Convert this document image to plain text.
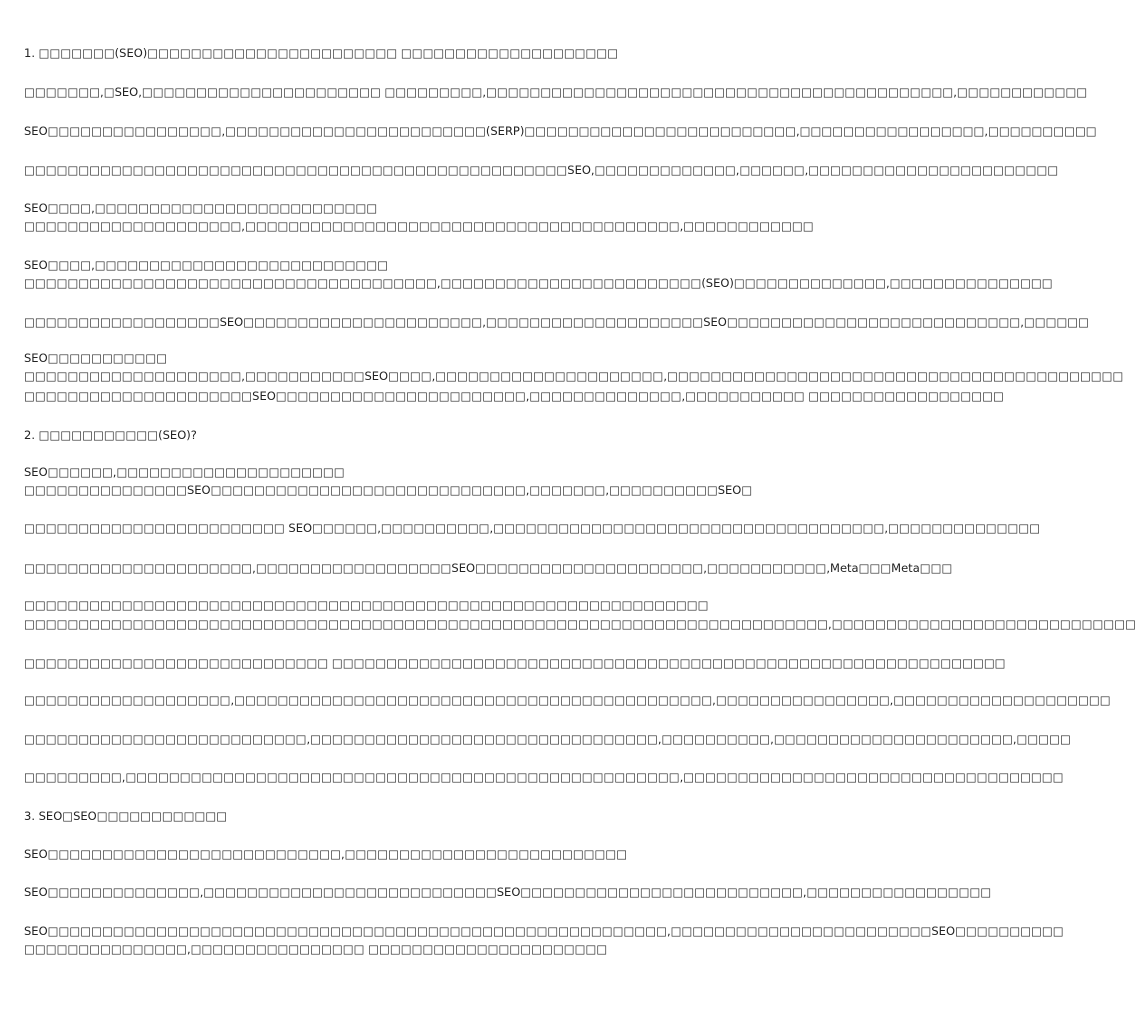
1. □□□□□□□(SEO)□□□□□□□□□□□□□□□□□□□□□□□ □□□□□□□□□□□□□□□□□□□□
□□□□□□□,□SEO,□□□□□□□□□□□□□□□□□□□□□□ □□□□□□□□□,□□□□□□□□□□□□□□□□□□□□□□□□□□□□□□□□□□□□□□□□□□□,□□□□□□□□□□□□
SEO□□□□□□□□□□□□□□□□,□□□□□□□□□□□□□□□□□□□□□□□□(SERP)□□□□□□□□□□□□□□□□□□□□□□□□□,□□□□□□□□□□□□□□□□□,□□□□□□□□□□
□□□□□□□□□□□□□□□□□□□□□□□□□□□□□□□□□□□□□□□□□□□□□□□□□□SEO,□□□□□□□□□□□□□,□□□□□□,□□□□□□□□□□□□□□□□□□□□□□□
SEO□□□□,□□□□□□□□□□□□□□□□□□□□□□□□□□
□□□□□□□□□□□□□□□□□□□□,□□□□□□□□□□□□□□□□□□□□□□□□□□□□□□□□□□□□□□□□,□□□□□□□□□□□□
SEO□□□□,□□□□□□□□□□□□□□□□□□□□□□□□□□□
□□□□□□□□□□□□□□□□□□□□□□□□□□□□□□□□□□□□□□,□□□□□□□□□□□□□□□□□□□□□□□□(SEO)□□□□□□□□□□□□□□,□□□□□□□□□□□□□□□
□□□□□□□□□□□□□□□□□□SEO□□□□□□□□□□□□□□□□□□□□□□,□□□□□□□□□□□□□□□□□□□□SEO□□□□□□□□□□□□□□□□□□□□□□□□□□□,□□□□□□
SEO□□□□□□□□□□□
□□□□□□□□□□□□□□□□□□□□,□□□□□□□□□□□SEO□□□□,□□□□□□□□□□□□□□□□□□□□□,□□□□□□□□□□□□□□□□□□□□□□□□□□□□□□□□□□□□□□□□□□
□□□□□□□□□□□□□□□□□□□□□SEO□□□□□□□□□□□□□□□□□□□□□□□,□□□□□□□□□□□□□□,□□□□□□□□□□□ □□□□□□□□□□□□□□□□□□
2. □□□□□□□□□□□(SEO)?
SEO□□□□□□,□□□□□□□□□□□□□□□□□□□□□
□□□□□□□□□□□□□□□SEO□□□□□□□□□□□□□□□□□□□□□□□□□□□□□,□□□□□□□,□□□□□□□□□□SEO□
□□□□□□□□□□□□□□□□□□□□□□□□ SEO□□□□□□,□□□□□□□□□□,□□□□□□□□□□□□□□□□□□□□□□□□□□□□□□□□□□□□,□□□□□□□□□□□□□□
□□□□□□□□□□□□□□□□□□□□□,□□□□□□□□□□□□□□□□□□SEO□□□□□□□□□□□□□□□□□□□□□,□□□□□□□□□□□,Meta□□□Meta□□□
□□□□□□□□□□□□□□□□□□□□□□□□□□□□□□□□□□□□□□□□□□□□□□□□□□□□□□□□□□□□□□□
□□□□□□□□□□□□□□□□□□□□□□□□□□□□□□□□□□□□□□□□□□□□□□□□□□□□□□□□□□□□□□□□□□□□□□□□□□,□□□□□□□□□□□□□□□□□□□□□□□□□□□□
□□□□□□□□□□□□□□□□□□□□□□□□□□□□ □□□□□□□□□□□□□□□□□□□□□□□□□□□□□□□□□□□□□□□□□□□□□□□□□□□□□□□□□□□□□□
□□□□□□□□□□□□□□□□□□□,□□□□□□□□□□□□□□□□□□□□□□□□□□□□□□□□□□□□□□□□□□□□,□□□□□□□□□□□□□□□□,□□□□□□□□□□□□□□□□□□□□
□□□□□□□□□□□□□□□□□□□□□□□□□□,□□□□□□□□□□□□□□□□□□□□□□□□□□□□□□□□,□□□□□□□□□□,□□□□□□□□□□□□□□□□□□□□□□,□□□□□
□□□□□□□□□,□□□□□□□□□□□□□□□□□□□□□□□□□□□□□□□□□□□□□□□□□□□□□□□□□□□,□□□□□□□□□□□□□□□□□□□□□□□□□□□□□□□□□□□
3. SEO□SEO□□□□□□□□□□□□
SEO□□□□□□□□□□□□□□□□□□□□□□□□□□□,□□□□□□□□□□□□□□□□□□□□□□□□□□
SEO□□□□□□□□□□□□□□,□□□□□□□□□□□□□□□□□□□□□□□□□□□SEO□□□□□□□□□□□□□□□□□□□□□□□□□□,□□□□□□□□□□□□□□□□□
SEO□□□□□□□□□□□□□□□□□□□□□□□□□□□□□□□□□□□□□□□□□□□□□□□□□□□□□□□□□,□□□□□□□□□□□□□□□□□□□□□□□□SEO□□□□□□□□□□
□□□□□□□□□□□□□□□,□□□□□□□□□□□□□□□□ □□□□□□□□□□□□□□□□□□□□□□
